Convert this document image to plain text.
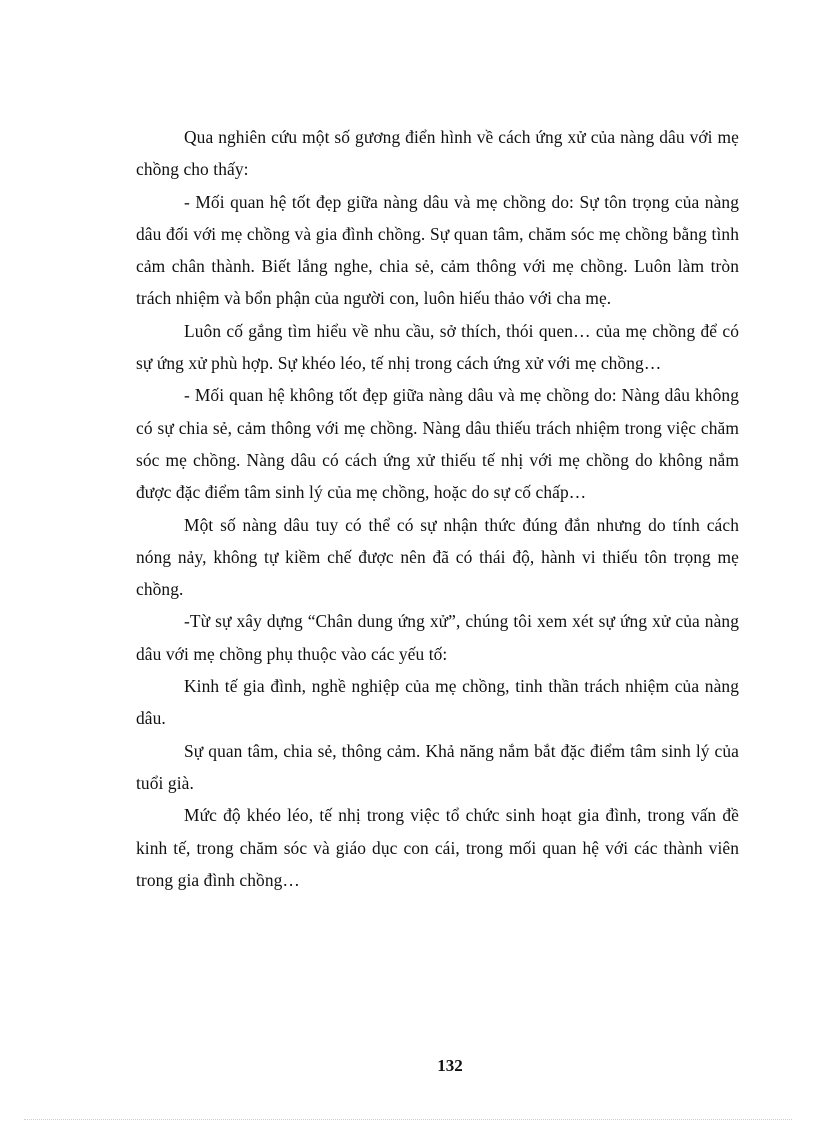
Qua nghiên cứu một số gương điển hình về cách ứng xử của nàng dâu với mẹ chồng cho thấy:

- Mối quan hệ tốt đẹp giữa nàng dâu và mẹ chồng do: Sự tôn trọng của nàng dâu đối với mẹ chồng và gia đình chồng. Sự quan tâm, chăm sóc mẹ chồng bằng tình cảm chân thành. Biết lắng nghe, chia sẻ, cảm thông với mẹ chồng. Luôn làm tròn trách nhiệm và bổn phận của người con, luôn hiếu thảo với cha mẹ.

Luôn cố gắng tìm hiểu về nhu cầu, sở thích, thói quen… của mẹ chồng để có sự ứng xử phù hợp. Sự khéo léo, tế nhị trong cách ứng xử với mẹ chồng…

- Mối quan hệ không tốt đẹp giữa nàng dâu và mẹ chồng do: Nàng dâu không có sự chia sẻ, cảm thông với mẹ chồng. Nàng dâu thiếu trách nhiệm trong việc chăm sóc mẹ chồng. Nàng dâu có cách ứng xử thiếu tế nhị với mẹ chồng do không nắm được đặc điểm tâm sinh lý của mẹ chồng, hoặc do sự cố chấp…

Một số nàng dâu tuy có thể có sự nhận thức đúng đắn nhưng do tính cách nóng nảy, không tự kiềm chế được nên đã có thái độ, hành vi thiếu tôn trọng mẹ chồng.

-Từ sự xây dựng “Chân dung ứng xử”, chúng tôi xem xét sự ứng xử của nàng dâu với mẹ chồng phụ thuộc vào các yếu tố:

Kinh tế gia đình, nghề nghiệp của mẹ chồng, tinh thần trách nhiệm của nàng dâu.

Sự quan tâm, chia sẻ, thông cảm. Khả năng nắm bắt đặc điểm tâm sinh lý của tuổi già.

Mức độ khéo léo, tế nhị trong việc tổ chức sinh hoạt gia đình, trong vấn đề kinh tế, trong chăm sóc và giáo dục con cái, trong mối quan hệ với các thành viên trong gia đình chồng…

132
